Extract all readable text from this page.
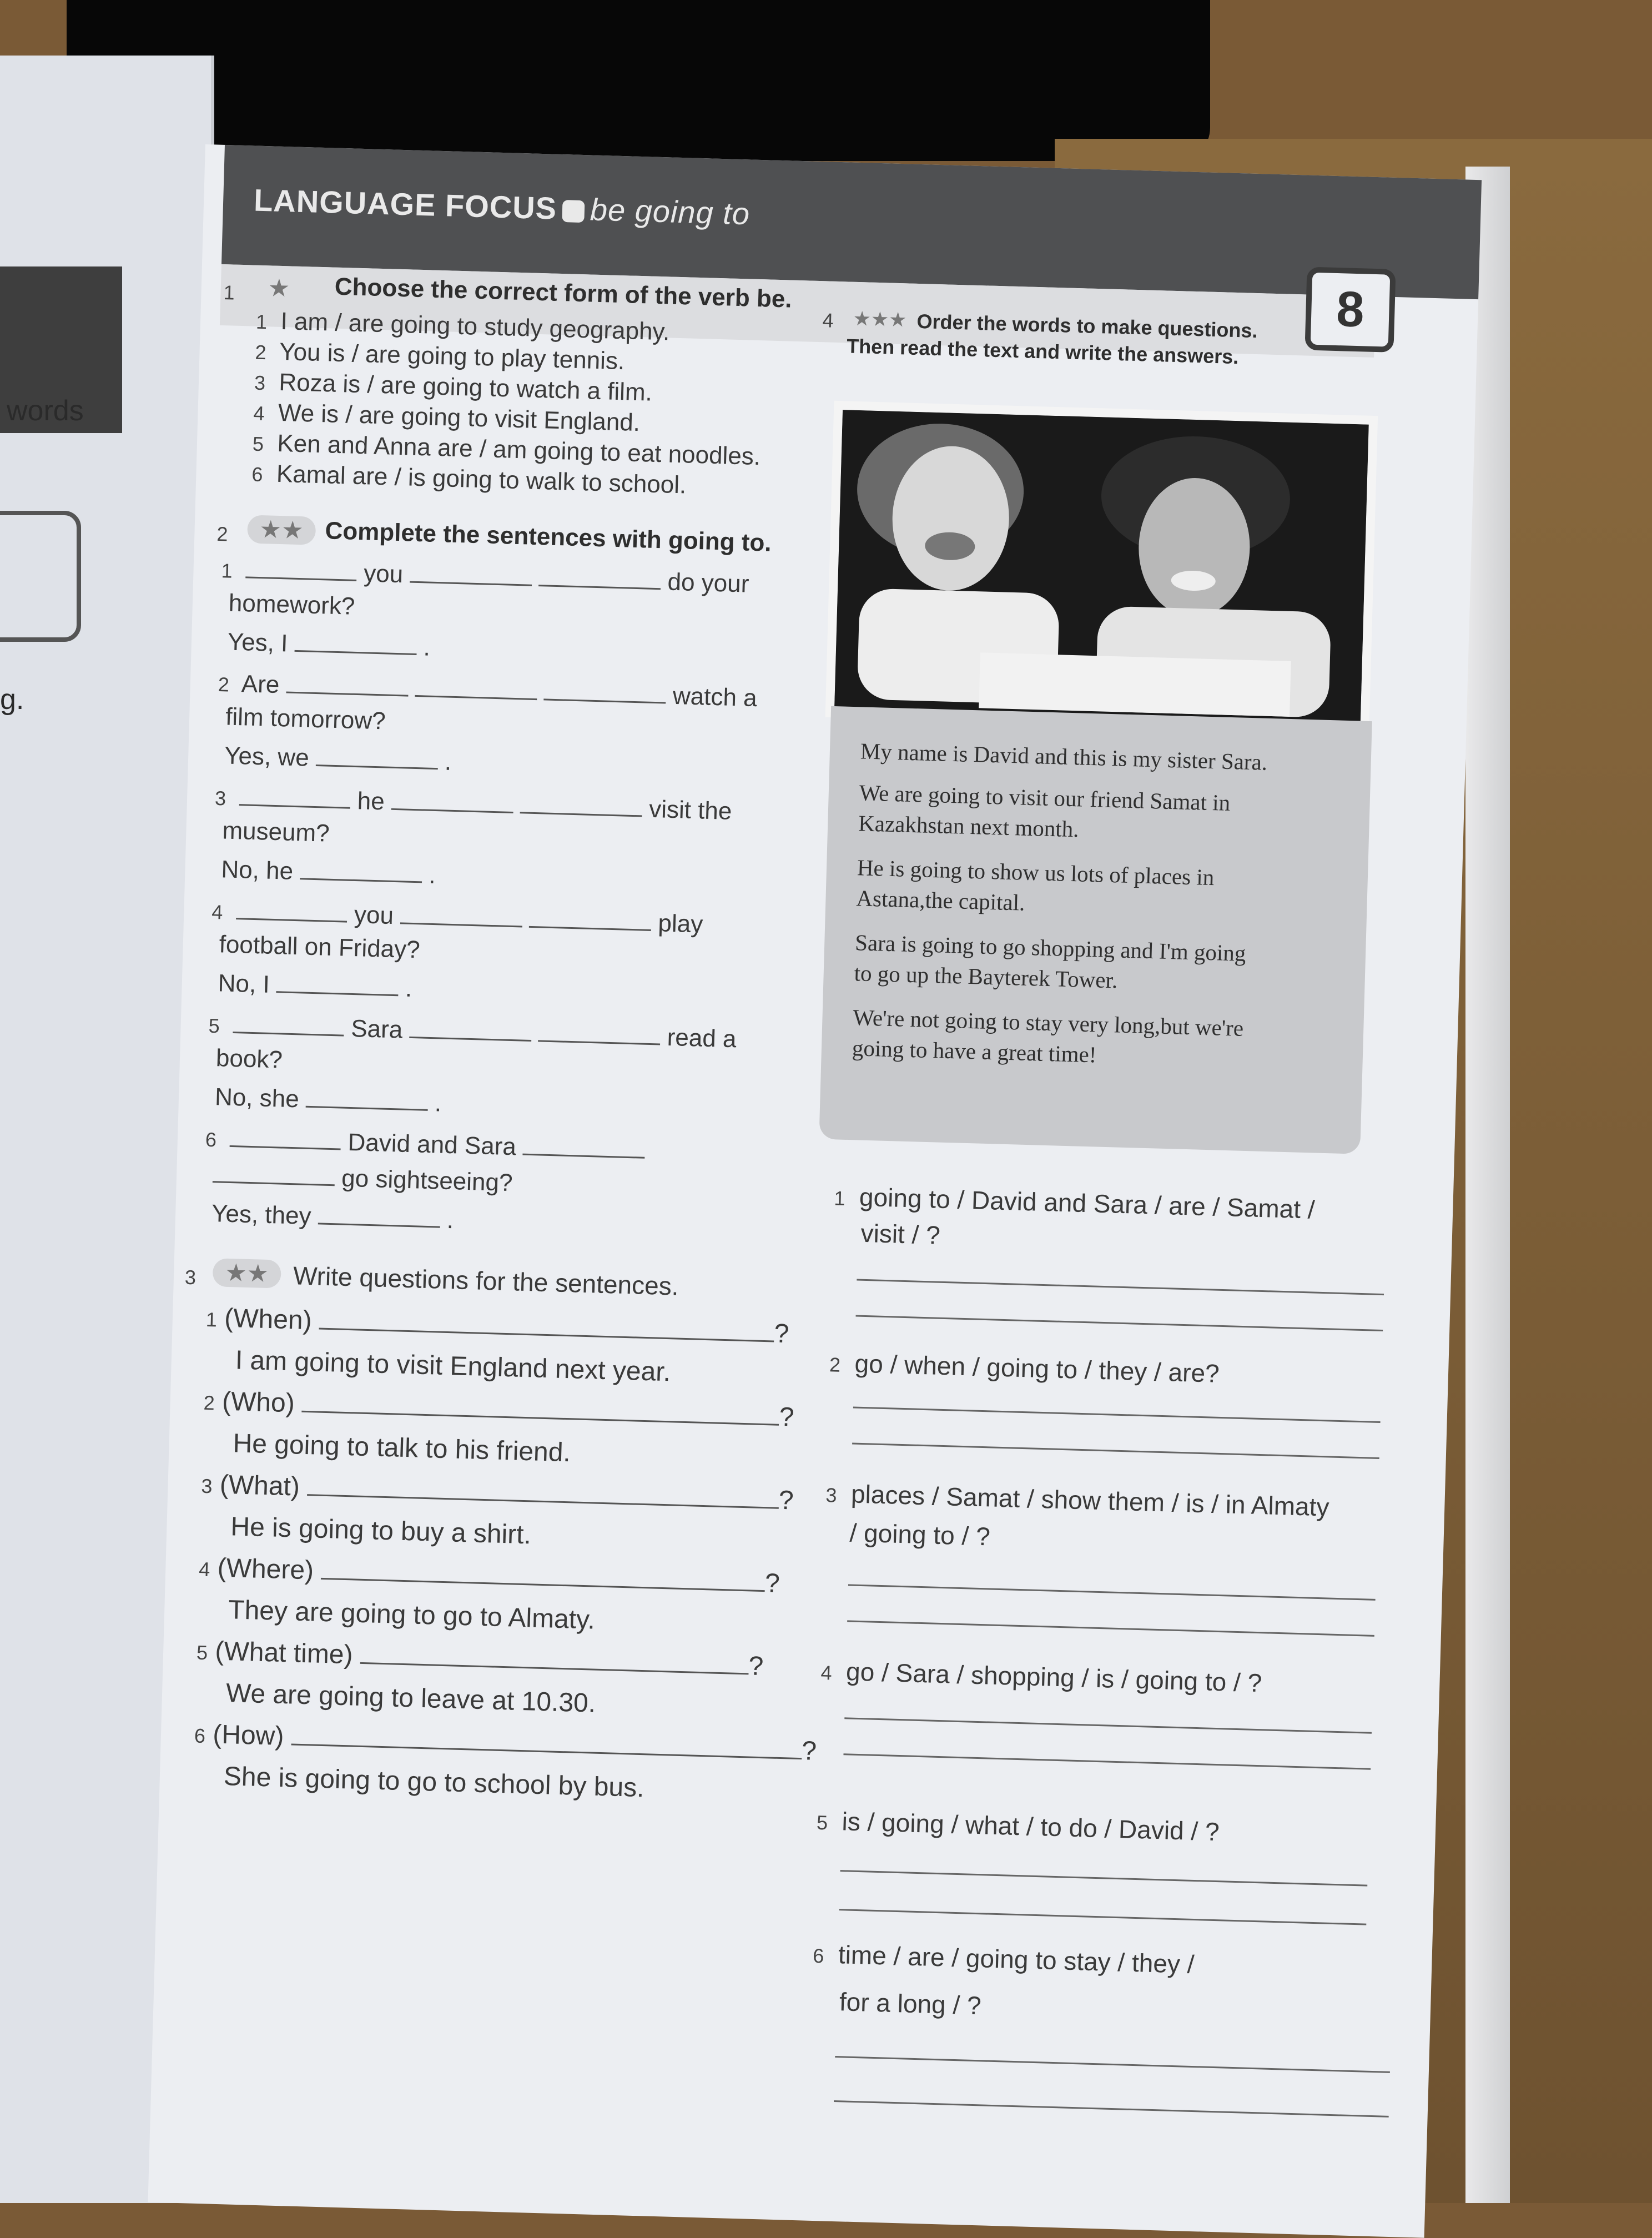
words
g.
LANGUAGE FOCUS be going to
8
1 ★ Choose the correct form of the verb be.
1 I am / are going to study geography.
2 You is / are going to play tennis.
3 Roza is / are going to watch a film.
4 We is / are going to visit England.
5 Ken and Anna are / am going to eat noodles.
6 Kamal are / is going to walk to school.
2	★★ Complete the sentences with going to.
1	you	do your
homework?
Yes, I	.
2 Are	watch a
film tomorrow?
Yes, we	.
3	he	visit the
museum?
No, he	.
4	you	play
football on Friday?
No, I	.
5	Sara	read a
book?
No, she	.
6	David and Sara
go sightseeing?
Yes, they	.
3	★★ Write questions for the sentences.
1 (When)	?
I am going to visit England next year.
2 (Who)	?
He going to talk to his friend.
3 (What)	?
He is going to buy a shirt.
4 (Where)	?
They are going to go to Almaty.
5 (What time)	?
We are going to leave at 10.30.
6 (How)	?
She is going to go to school by bus.
4 ★★★ Order the words to make questions.
Then read the text and write the answers.
My name is David and this is my sister Sara.
We are going to visit our friend Samat in
Kazakhstan next month.
He is going to show us lots of places in
Astana,the capital.
Sara is going to go shopping and I'm going
to go up the Bayterek Tower.
We're not going to stay very long,but we're
going to have a great time!
1 going to / David and Sara / are / Samat /
visit / ?
2 go / when / going to / they / are?
3 places / Samat / show them / is / in Almaty
/ going to / ?
4 go / Sara / shopping / is / going to / ?
5 is / going / what / to do / David / ?
6 time / are / going to stay / they /
for a long / ?
